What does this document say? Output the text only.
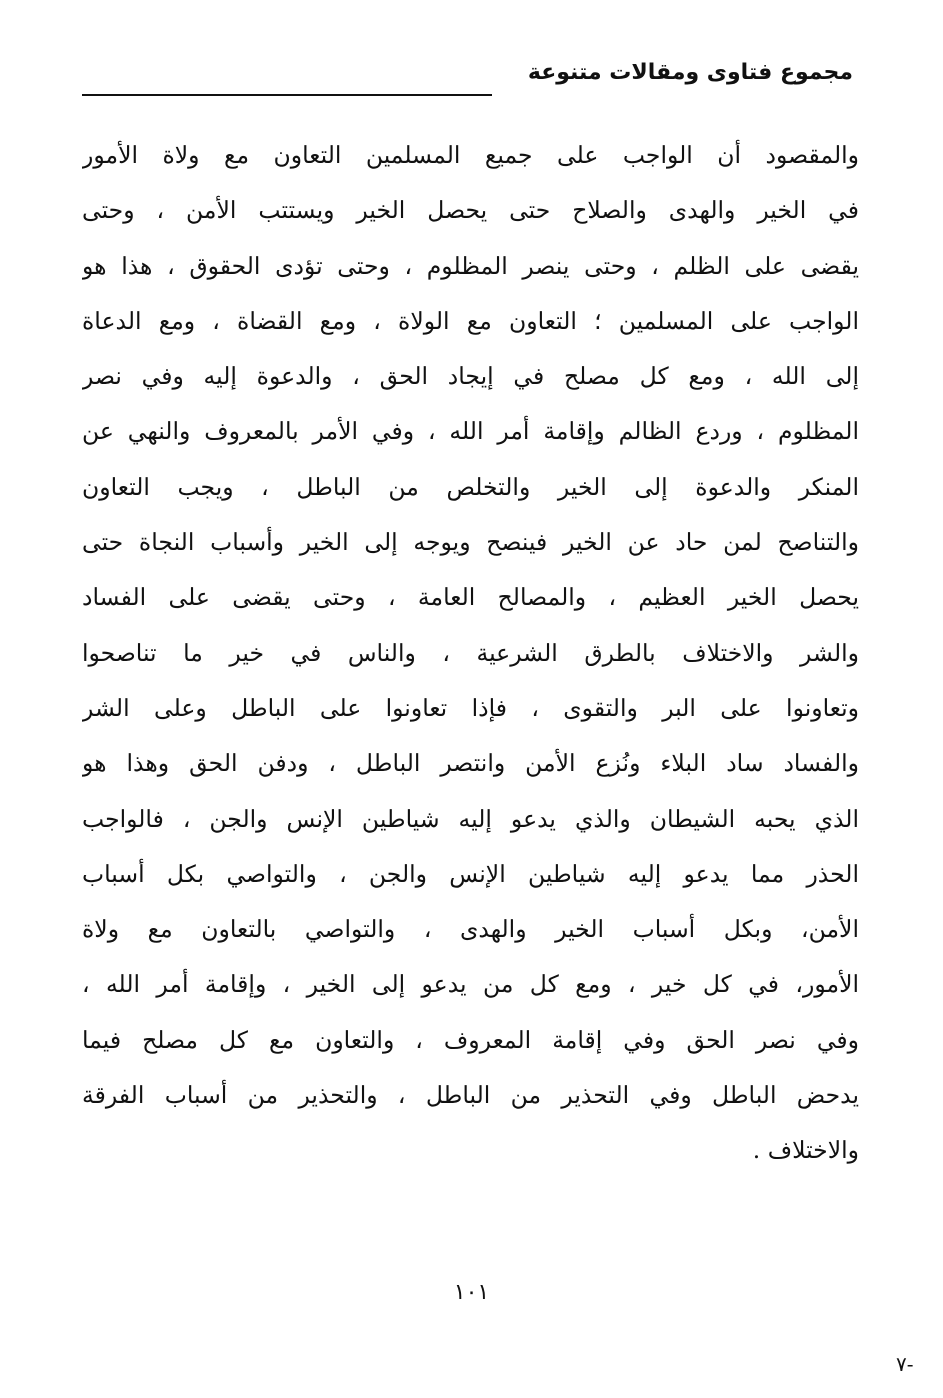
مجموع فتاوى ومقالات متنوعة
والمقصود أن الواجب على جميع المسلمين التعاون مع ولاة الأمور
في الخير والهدى والصلاح حتى يحصل الخير ويستتب الأمن ، وحتى
يقضى على الظلم ، وحتى ينصر المظلوم ، وحتى تؤدى الحقوق ، هذا هو
الواجب على المسلمين ؛ التعاون مع الولاة ، ومع القضاة ، ومع الدعاة
إلى الله ، ومع كل مصلح في إيجاد الحق ، والدعوة إليه وفي نصر
المظلوم ، وردع الظالم وإقامة أمر الله ، وفي الأمر بالمعروف والنهي عن
المنكر والدعوة إلى الخير والتخلص من الباطل ، ويجب التعاون
والتناصح لمن حاد عن الخير فينصح ويوجه إلى الخير وأسباب النجاة حتى
يحصل الخير العظيم ، والمصالح العامة ، وحتى يقضى على الفساد
والشر والاختلاف بالطرق الشرعية ، والناس في خير ما تناصحوا
وتعاونوا على البر والتقوى ، فإذا تعاونوا على الباطل وعلى الشر
والفساد ساد البلاء ونُزع الأمن وانتصر الباطل ، ودفن الحق وهذا هو
الذي يحبه الشيطان والذي يدعو إليه شياطين الإنس والجن ، فالواجب
الحذر مما يدعو إليه شياطين الإنس والجن ، والتواصي بكل أسباب
الأمن، وبكل أسباب الخير والهدى ، والتواصي بالتعاون مع ولاة
الأمور، في كل خير ، ومع كل من يدعو إلى الخير ، وإقامة أمر الله ،
وفي نصر الحق وفي إقامة المعروف ، والتعاون مع كل مصلح فيما
يدحض الباطل وفي التحذير من الباطل ، والتحذير من أسباب الفرقة
والاختلاف .
١٠١
٧-
